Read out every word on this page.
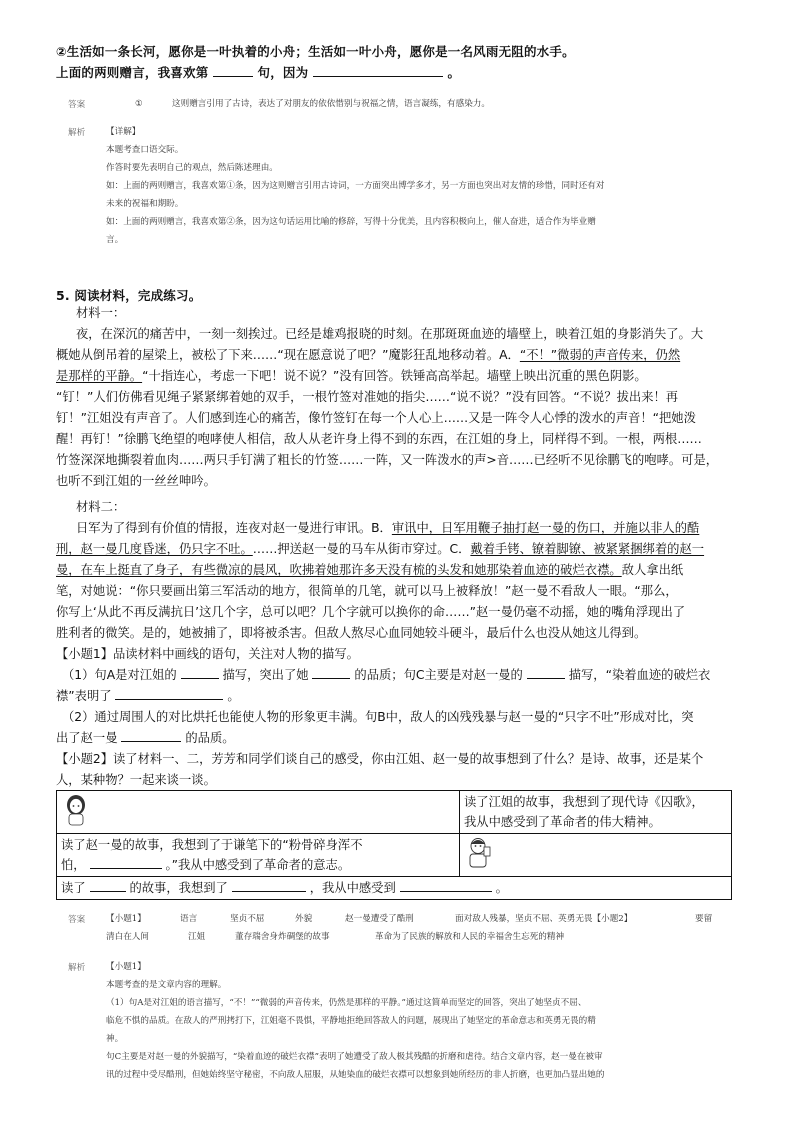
②生活如一条长河，愿你是一叶执着的小舟；生活如一叶小舟，愿你是一名风雨无阻的水手。
上面的两则赠言，我喜欢第	句，因为	。
答案	①	这则赠言引用了古诗，表达了对朋友的依依惜别与祝福之情，语言凝练，有感染力。
解析 【详解】
本题考查口语交际。
作答时要先表明自己的观点，然后陈述理由。
如：上面的两则赠言，我喜欢第①条，因为这则赠言引用古诗词，一方面突出博学多才，另一方面也突出对友情的珍惜，同时还有对
未来的祝福和期盼。
如：上面的两则赠言，我喜欢第②条，因为这句话运用比喻的修辞，写得十分优美，且内容积极向上，催人奋进，适合作为毕业赠
言。
5. 阅读材料，完成练习。
材料一：
夜，在深沉的痛苦中，一刻一刻挨过。已经是雄鸡报晓的时刻。在那斑斑血迹的墙壁上，映着江姐的身影消失了。大
概她从倒吊着的屋梁上，被松了下来……“现在愿意说了吧？”魔影狂乱地移动着。A．“不！”微弱的声音传来，仍然
是那样的平静。“十指连心，考虑一下吧！说不说？”没有回答。铁锤高高举起。墙壁上映出沉重的黑色阴影。
“钉！”人们仿佛看见绳子紧紧绑着她的双手，一根竹签对准她的指尖……“说不说？”没有回答。“不说？拔出来！再
钉！”江姐没有声音了。人们感到连心的痛苦，像竹签钉在每一个人心上……又是一阵令人心悸的泼水的声音！“把她泼
醒！再钉！”徐鹏飞绝望的咆哮使人相信，敌人从老许身上得不到的东西，在江姐的身上，同样得不到。一根，两根……
竹签深深地撕裂着血肉……两只手钉满了粗长的竹签……一阵，又一阵泼水的声>音……已经听不见徐鹏飞的咆哮。可是，
也听不到江姐的一丝丝呻吟。
材料二：
日军为了得到有价值的情报，连夜对赵一曼进行审讯。B．审讯中，日军用鞭子抽打赵一曼的伤口，并施以非人的酷
刑，赵一曼几度昏迷，仍只字不吐。……押送赵一曼的马车从街市穿过。C．戴着手铐、镣着脚镣、被紧紧捆绑着的赵一
曼，在车上挺直了身子，有些微凉的晨风，吹拂着她那许多天没有梳的头发和她那染着血迹的破烂衣襟。敌人拿出纸
笔，对她说：“你只要画出第三军活动的地方，很简单的几笔，就可以马上被释放！”赵一曼不看敌人一眼。“那么，
你写上‘从此不再反满抗日’这几个字，总可以吧？几个字就可以换你的命……”赵一曼仍毫不动摇，她的嘴角浮现出了
胜利者的微笑。是的，她被捕了，即将被杀害。但敌人熬尽心血同她较斗硬斗，最后什么也没从她这儿得到。
【小题1】品读材料中画线的语句，关注对人物的描写。
（1）句A是对江姐的	描写，突出了她	的品质；句C主要是对赵一曼的	描写，“染着血迹的破烂衣
襟”表明了	。
（2）通过周围人的对比烘托也能使人物的形象更丰满。句B中，敌人的凶残残暴与赵一曼的“只字不吐”形成对比，突
出了赵一曼	的品质。
【小题2】读了材料一、二，芳芳和同学们谈自己的感受，你由江姐、赵一曼的故事想到了什么？是诗、故事，还是某个
人，某种物？一起来谈一谈。

读了江姐的故事，我想到了现代诗《囚歌》，
我从中感受到了革命者的伟大精神。

读了赵一曼的故事，我想到了于谦笔下的“粉骨碎身浑不
怕， 。”我从中感受到了革命者的意志。

读了 的故事，我想到了 ，我从中感受到 。	
答案 【小题1】	语言	坚贞不屈	外貌	赵一曼遭受了酷刑	面对敌人残暴，坚贞不屈、英勇无畏【小题2】	要留
清白在人间	江姐	董存瑞舍身炸碉堡的故事	革命为了民族的解放和人民的幸福舍生忘死的精神
解析 【小题1】
本题考查的是文章内容的理解。
（1）句A是对江姐的语言描写，“不！”“微弱的声音传来，仍然是那样的平静。”通过这简单而坚定的回答，突出了她坚贞不屈、
临危不惧的品质。在敌人的严刑拷打下，江姐毫不畏惧，平静地拒绝回答敌人的问题，展现出了她坚定的革命意志和英勇无畏的精
神。
句C主要是对赵一曼的外貌描写，“染着血迹的破烂衣襟”表明了她遭受了敌人极其残酷的折磨和虐待。结合文章内容，赵一曼在被审
讯的过程中受尽酷刑，但她始终坚守秘密，不向敌人屈服，从她染血的破烂衣襟可以想象到她所经历的非人折磨，也更加凸显出她的
